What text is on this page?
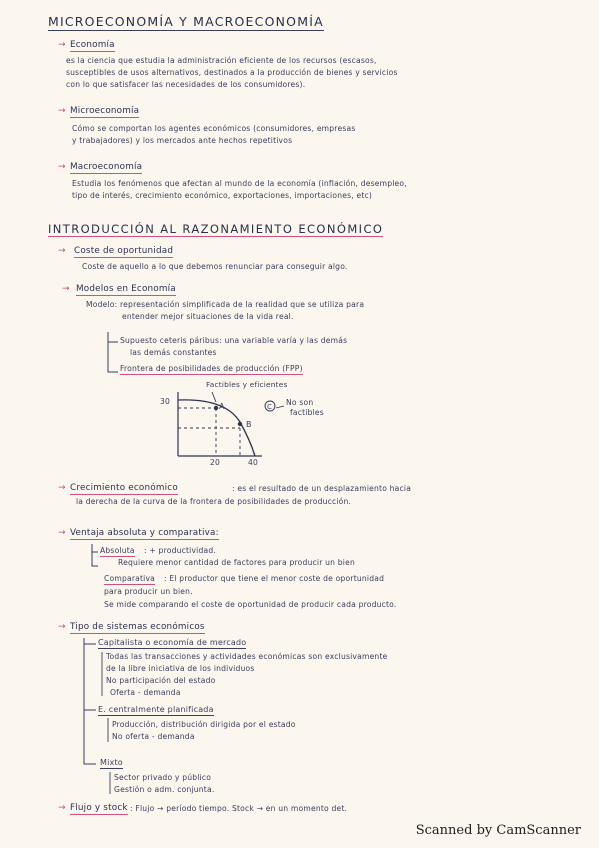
MICROECONOMÍA Y MACROECONOMÍA
→ Economía
es la ciencia que estudia la administración eficiente de los recursos (escasos,
susceptibles de usos alternativos, destinados a la producción de bienes y servicios
con lo que satisfacer las necesidades de los consumidores).
→ Microeconomía
Cómo se comportan los agentes económicos (consumidores, empresas
y trabajadores) y los mercados ante hechos repetitivos
→ Macroeconomía
Estudia los fenómenos que afectan al mundo de la economía (inflación, desempleo,
tipo de interés, crecimiento económico, exportaciones, importaciones, etc)
INTRODUCCIÓN AL RAZONAMIENTO ECONÓMICO
→ Coste de oportunidad
Coste de aquello a lo que debemos renunciar para conseguir algo.
→ Modelos en Economía
Modelo: representación simplificada de la realidad que se utiliza para
entender mejor situaciones de la vida real.
Supuesto ceteris páribus: una variable varía y las demás
las demás constantes
Frontera de posibilidades de producción (FPP)
Factibles y eficientes
No son
factibles
A
B
C
30
20	40
→ Crecimiento económico	: es el resultado de un desplazamiento hacia
la derecha de la curva de la frontera de posibilidades de producción.
→ Ventaja absoluta y comparativa:
Absoluta : + productividad.
Requiere menor cantidad de factores para producir un bien
Comparativa : El productor que tiene el menor coste de oportunidad
para producir un bien.
Se mide comparando el coste de oportunidad de producir cada producto.
→ Tipo de sistemas económicos
Capitalista o economía de mercado
Todas las transacciones y actividades económicas son exclusivamente
de la libre iniciativa de los individuos
No participación del estado
Oferta - demanda
E. centralmente planificada
Producción, distribución dirigida por el estado
No oferta - demanda
Mixto
Sector privado y público
Gestión o adm. conjunta.
→ Flujo y stock : Flujo → período tiempo. Stock → en un momento det.
Scanned by CamScanner
